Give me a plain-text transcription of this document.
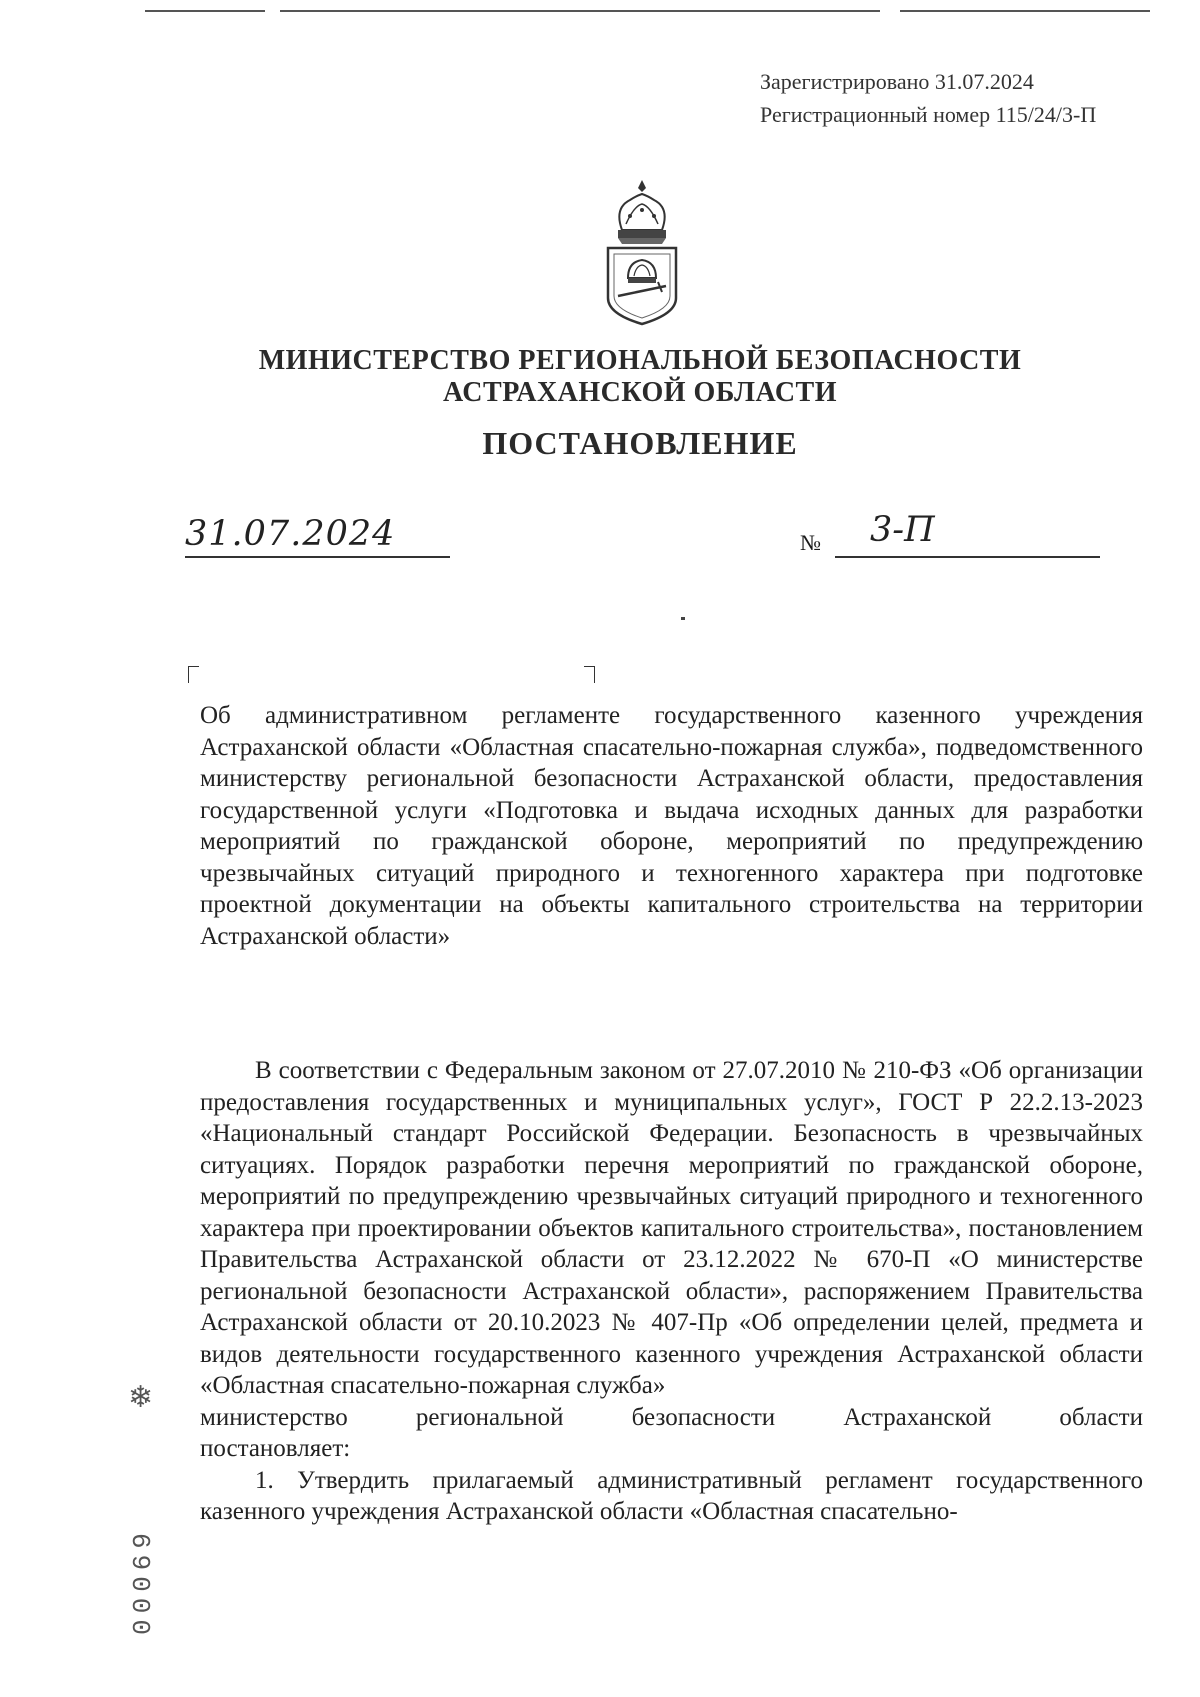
Зарегистрировано 31.07.2024
Регистрационный номер 115/24/3-П
МИНИСТЕРСТВО РЕГИОНАЛЬНОЙ БЕЗОПАСНОСТИ
АСТРАХАНСКОЙ ОБЛАСТИ
ПОСТАНОВЛЕНИЕ
31.07.2024	№ 3-П
Об административном регламенте государственного казенного учреждения Астраханской области «Областная спасательно-пожарная служба», подведомственного министерству региональной безопасности Астраханской области, предоставления государственной услуги «Подготовка и выдача исходных данных для разработки мероприятий по гражданской обороне, мероприятий по предупреждению чрезвычайных ситуаций природного и техногенного характера при подготовке проектной документации на объекты капитального строительства на территории Астраханской области»
В соответствии с Федеральным законом от 27.07.2010 № 210-ФЗ «Об организации предоставления государственных и муниципальных услуг», ГОСТ Р 22.2.13-2023 «Национальный стандарт Российской Федерации. Безопасность в чрезвычайных ситуациях. Порядок разработки перечня мероприятий по гражданской обороне, мероприятий по предупреждению чрезвычайных ситуаций природного и техногенного характера при проектировании объектов капитального строительства», постановлением Правительства Астраханской области от 23.12.2022 № 670-П «О министерстве региональной безопасности Астраханской области», распоряжением Правительства Астраханской области от 20.10.2023 № 407-Пр «Об определении целей, предмета и видов деятельности государственного казенного учреждения Астраханской области «Областная спасательно-пожарная служба»
министерство	региональной	безопасности	Астраханской	области
постановляет:
1. Утвердить прилагаемый административный регламент государственного казенного учреждения Астраханской области «Областная спасательно-
❄
00069
